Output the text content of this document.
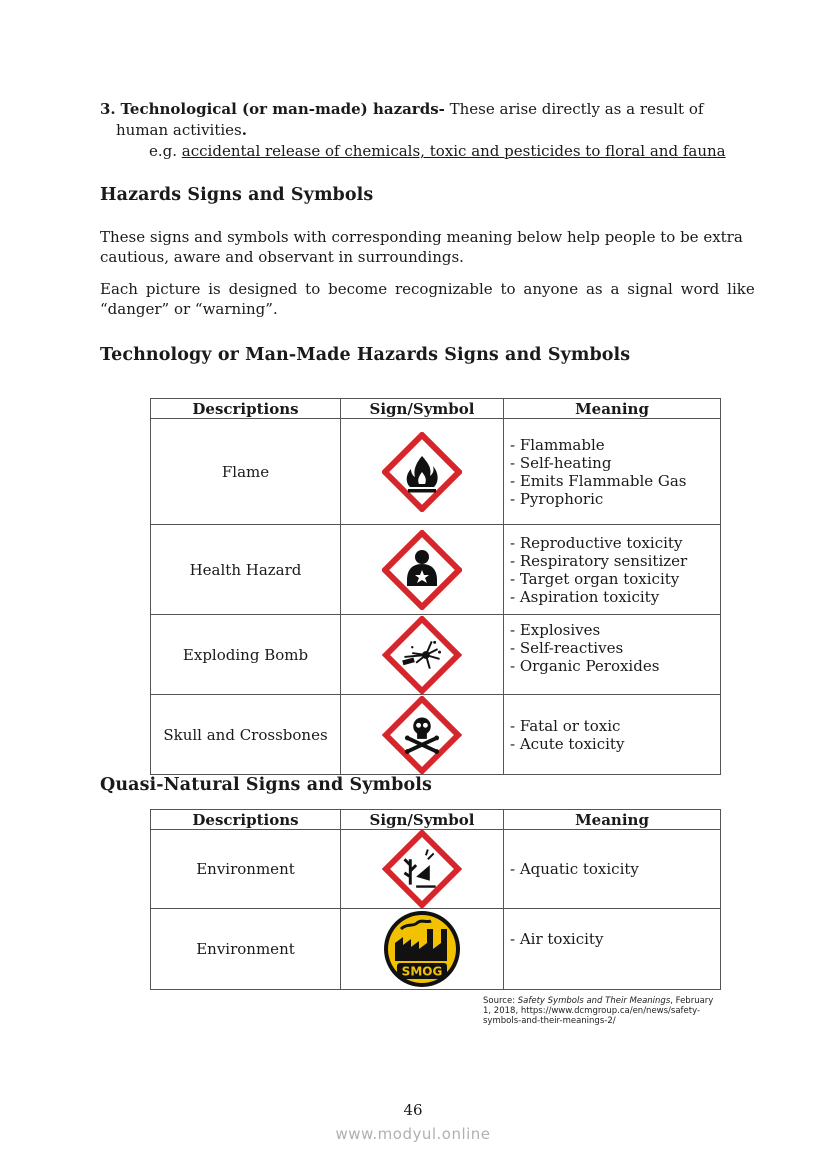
3. Technological (or man-made) hazards- These arise directly as a result of
human activities.
e.g. accidental release of chemicals, toxic and pesticides to floral and fauna
Hazards Signs and Symbols
These signs and symbols with corresponding meaning below help people to be extra
cautious, aware and observant in surroundings.
Each picture is designed to become recognizable to anyone as a signal word like
“danger” or “warning”.
Technology or Man-Made Hazards Signs and Symbols
Descriptions	Sign/Symbol	Meaning
Flame		- Flammable
- Self-heating
- Emits Flammable Gas
- Pyrophoric

Health Hazard		- Reproductive toxicity
- Respiratory sensitizer
- Target organ toxicity
- Aspiration toxicity

Exploding Bomb		- Explosives
- Self-reactives
- Organic Peroxides

Skull and Crossbones		- Fatal or toxic
- Acute toxicity
Quasi-Natural Signs and Symbols
Descriptions	Sign/Symbol	Meaning
Environment		- Aquatic toxicity

Environment	SMOG	- Air toxicity
Source: Safety Symbols and Their Meanings, February
1, 2018, https://www.dcmgroup.ca/en/news/safety-
symbols-and-their-meanings-2/
46
www.modyul.online
